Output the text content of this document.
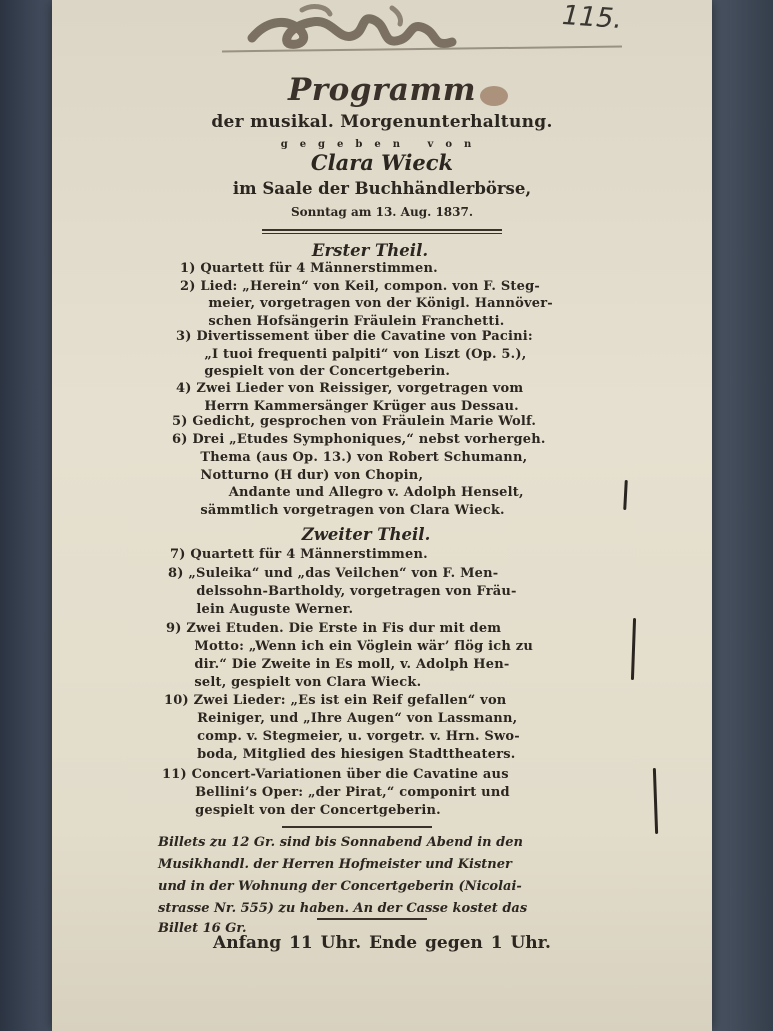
115.
Programm
der musikal. Morgenunterhaltung.
gegeben von
Clara Wieck
im Saale der Buchhändlerbörse,
Sonntag am 13. Aug. 1837.
Erster Theil.
1) Quartett für 4 Männerstimmen.
2) Lied: „Herein“ von Keil, compon. von F. Steg-
meier, vorgetragen von der Königl. Hannöver-
schen Hofsängerin Fräulein Franchetti.
3) Divertissement über die Cavatine von Pacini:
„I tuoi frequenti palpiti“ von Liszt (Op. 5.),
gespielt von der Concertgeberin.
4) Zwei Lieder von Reissiger, vorgetragen vom
Herrn Kammersänger Krüger aus Dessau.
5) Gedicht, gesprochen von Fräulein Marie Wolf.
6) Drei „Etudes Symphoniques,“ nebst vorhergeh.
Thema (aus Op. 13.) von Robert Schumann,
Notturno (H dur) von Chopin,
Andante und Allegro v. Adolph Henselt,
sämmtlich vorgetragen von Clara Wieck.
Zweiter Theil.
7) Quartett für 4 Männerstimmen.
8) „Suleika“ und „das Veilchen“ von F. Men-
delssohn-Bartholdy, vorgetragen von Fräu-
lein Auguste Werner.
9) Zwei Etuden. Die Erste in Fis dur mit dem
Motto: „Wenn ich ein Vöglein wär’ flög ich zu
dir.“ Die Zweite in Es moll, v. Adolph Hen-
selt, gespielt von Clara Wieck.
10) Zwei Lieder: „Es ist ein Reif gefallen“ von
Reiniger, und „Ihre Augen“ von Lassmann,
comp. v. Stegmeier, u. vorgetr. v. Hrn. Swo-
boda, Mitglied des hiesigen Stadttheaters.
11) Concert-Variationen über die Cavatine aus
Bellini’s Oper: „der Pirat,“ componirt und
gespielt von der Concertgeberin.
Billets zu 12 Gr. sind bis Sonnabend Abend in den
Musikhandl. der Herren Hofmeister und Kistner
und in der Wohnung der Concertgeberin (Nicolai-
strasse Nr. 555) zu haben. An der Casse kostet das
Billet 16 Gr.
Anfang 11 Uhr. Ende gegen 1 Uhr.
